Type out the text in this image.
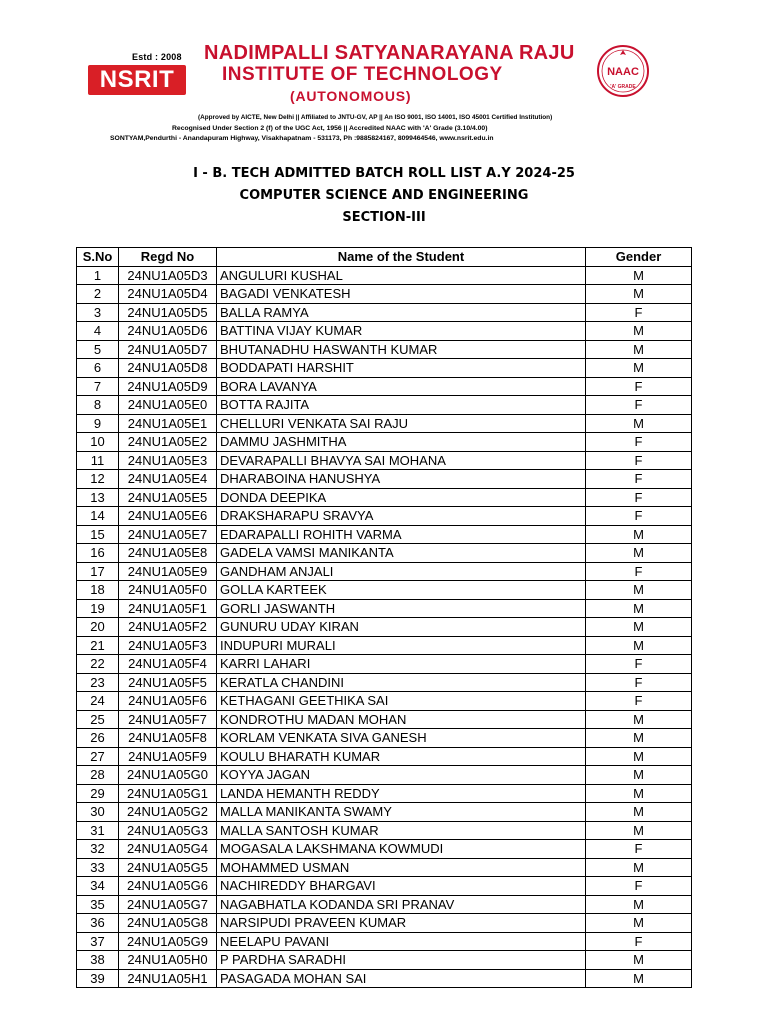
Estd : 2008
NSRIT
NADIMPALLI SATYANARAYANA RAJU
INSTITUTE OF TECHNOLOGY
(AUTONOMOUS)
NAAC
'A' GRADE
(Approved by AICTE, New Delhi || Affiliated to JNTU-GV, AP || An ISO 9001, ISO 14001, ISO 45001 Certified Institution)
Recognised Under Section 2 (f) of the UGC Act, 1956 || Accredited NAAC with 'A' Grade (3.10/4.00)
SONTYAM,Pendurthi - Anandapuram Highway, Visakhapatnam - 531173, Ph :9885824167, 8099464546, www.nsrit.edu.in
I - B. TECH ADMITTED BATCH ROLL LIST A.Y 2024-25
COMPUTER SCIENCE AND ENGINEERING
SECTION-III
S.No	Regd No	Name of the Student	Gender
1	24NU1A05D3	ANGULURI KUSHAL	M
2	24NU1A05D4	BAGADI VENKATESH	M
3	24NU1A05D5	BALLA RAMYA	F
4	24NU1A05D6	BATTINA VIJAY KUMAR	M
5	24NU1A05D7	BHUTANADHU HASWANTH KUMAR	M
6	24NU1A05D8	BODDAPATI HARSHIT	M
7	24NU1A05D9	BORA LAVANYA	F
8	24NU1A05E0	BOTTA RAJITA	F
9	24NU1A05E1	CHELLURI VENKATA SAI RAJU	M
10	24NU1A05E2	DAMMU JASHMITHA	F
11	24NU1A05E3	DEVARAPALLI BHAVYA SAI MOHANA	F
12	24NU1A05E4	DHARABOINA HANUSHYA	F
13	24NU1A05E5	DONDA DEEPIKA	F
14	24NU1A05E6	DRAKSHARAPU SRAVYA	F
15	24NU1A05E7	EDARAPALLI ROHITH VARMA	M
16	24NU1A05E8	GADELA VAMSI MANIKANTA	M
17	24NU1A05E9	GANDHAM ANJALI	F
18	24NU1A05F0	GOLLA KARTEEK	M
19	24NU1A05F1	GORLI JASWANTH	M
20	24NU1A05F2	GUNURU UDAY KIRAN	M
21	24NU1A05F3	INDUPURI MURALI	M
22	24NU1A05F4	KARRI LAHARI	F
23	24NU1A05F5	KERATLA CHANDINI	F
24	24NU1A05F6	KETHAGANI GEETHIKA SAI	F
25	24NU1A05F7	KONDROTHU MADAN MOHAN	M
26	24NU1A05F8	KORLAM VENKATA SIVA GANESH	M
27	24NU1A05F9	KOULU BHARATH KUMAR	M
28	24NU1A05G0	KOYYA JAGAN	M
29	24NU1A05G1	LANDA HEMANTH REDDY	M
30	24NU1A05G2	MALLA MANIKANTA SWAMY	M
31	24NU1A05G3	MALLA SANTOSH KUMAR	M
32	24NU1A05G4	MOGASALA LAKSHMANA KOWMUDI	F
33	24NU1A05G5	MOHAMMED USMAN	M
34	24NU1A05G6	NACHIREDDY BHARGAVI	F
35	24NU1A05G7	NAGABHATLA KODANDA SRI PRANAV	M
36	24NU1A05G8	NARSIPUDI PRAVEEN KUMAR	M
37	24NU1A05G9	NEELAPU PAVANI	F
38	24NU1A05H0	P PARDHA SARADHI	M
39	24NU1A05H1	PASAGADA MOHAN SAI	M
